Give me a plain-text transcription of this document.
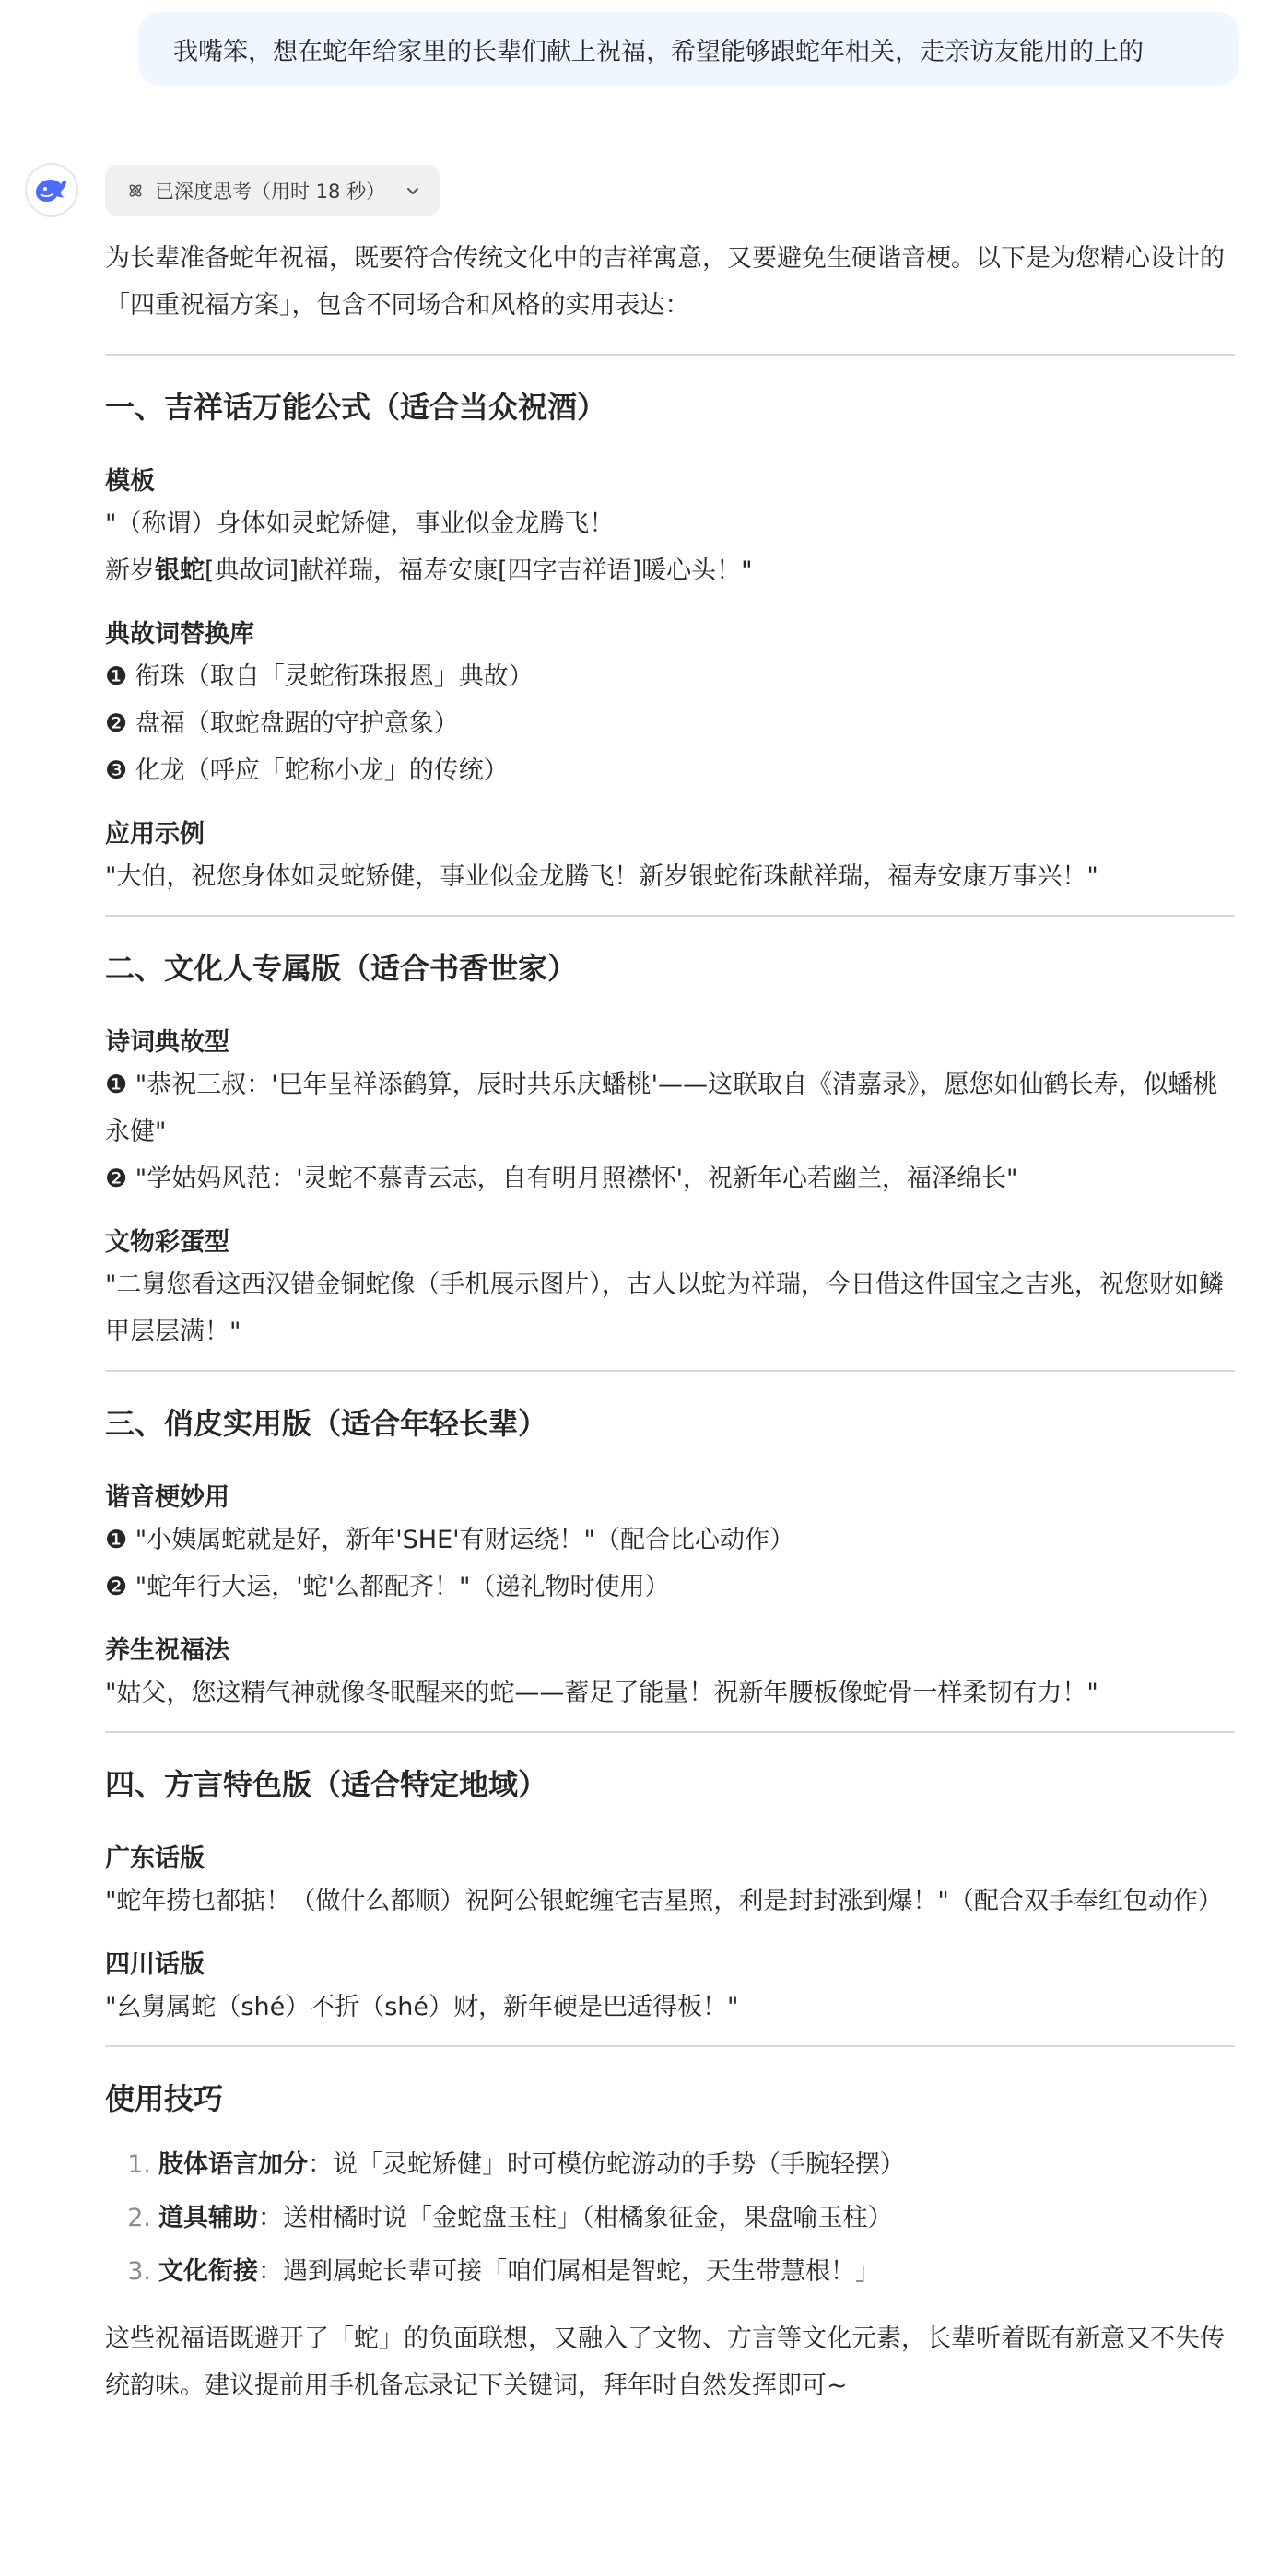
我嘴笨，想在蛇年给家里的长辈们献上祝福，希望能够跟蛇年相关，走亲访友能用的上的
已深度思考（用时 18 秒）

为长辈准备蛇年祝福，既要符合传统文化中的吉祥寓意，又要避免生硬谐音梗。以下是为您精心设计的「四重祝福方案」，包含不同场合和风格的实用表达：

一、吉祥话万能公式（适合当众祝酒）

模板

"（称谓）身体如灵蛇矫健，事业似金龙腾飞！

新岁银蛇[典故词]献祥瑞，福寿安康[四字吉祥语]暖心头！"

典故词替换库

❶ 衔珠（取自「灵蛇衔珠报恩」典故）

❷ 盘福（取蛇盘踞的守护意象）

❸ 化龙（呼应「蛇称小龙」的传统）

应用示例

"大伯，祝您身体如灵蛇矫健，事业似金龙腾飞！新岁银蛇衔珠献祥瑞，福寿安康万事兴！"

二、文化人专属版（适合书香世家）

诗词典故型

❶ "恭祝三叔：'巳年呈祥添鹤算，辰时共乐庆蟠桃'——这联取自《清嘉录》，愿您如仙鹤长寿，似蟠桃永健"

❷ "学姑妈风范：'灵蛇不慕青云志，自有明月照襟怀'，祝新年心若幽兰，福泽绵长"

文物彩蛋型

"二舅您看这西汉错金铜蛇像（手机展示图片），古人以蛇为祥瑞，今日借这件国宝之吉兆，祝您财如鳞甲层层满！"

三、俏皮实用版（适合年轻长辈）

谐音梗妙用

❶ "小姨属蛇就是好，新年'SHE'有财运绕！"（配合比心动作）

❷ "蛇年行大运，'蛇'么都配齐！"（递礼物时使用）

养生祝福法

"姑父，您这精气神就像冬眠醒来的蛇——蓄足了能量！祝新年腰板像蛇骨一样柔韧有力！"

四、方言特色版（适合特定地域）

广东话版

"蛇年捞乜都掂！（做什么都顺）祝阿公银蛇缠宅吉星照，利是封封涨到爆！"（配合双手奉红包动作）

四川话版

"幺舅属蛇（shé）不折（shé）财，新年硬是巴适得板！"

使用技巧
1. 肢体语言加分：说「灵蛇矫健」时可模仿蛇游动的手势（手腕轻摆）
2. 道具辅助：送柑橘时说「金蛇盘玉柱」（柑橘象征金，果盘喻玉柱）
3. 文化衔接：遇到属蛇长辈可接「咱们属相是智蛇，天生带慧根！」

这些祝福语既避开了「蛇」的负面联想，又融入了文物、方言等文化元素，长辈听着既有新意又不失传统韵味。建议提前用手机备忘录记下关键词，拜年时自然发挥即可~
